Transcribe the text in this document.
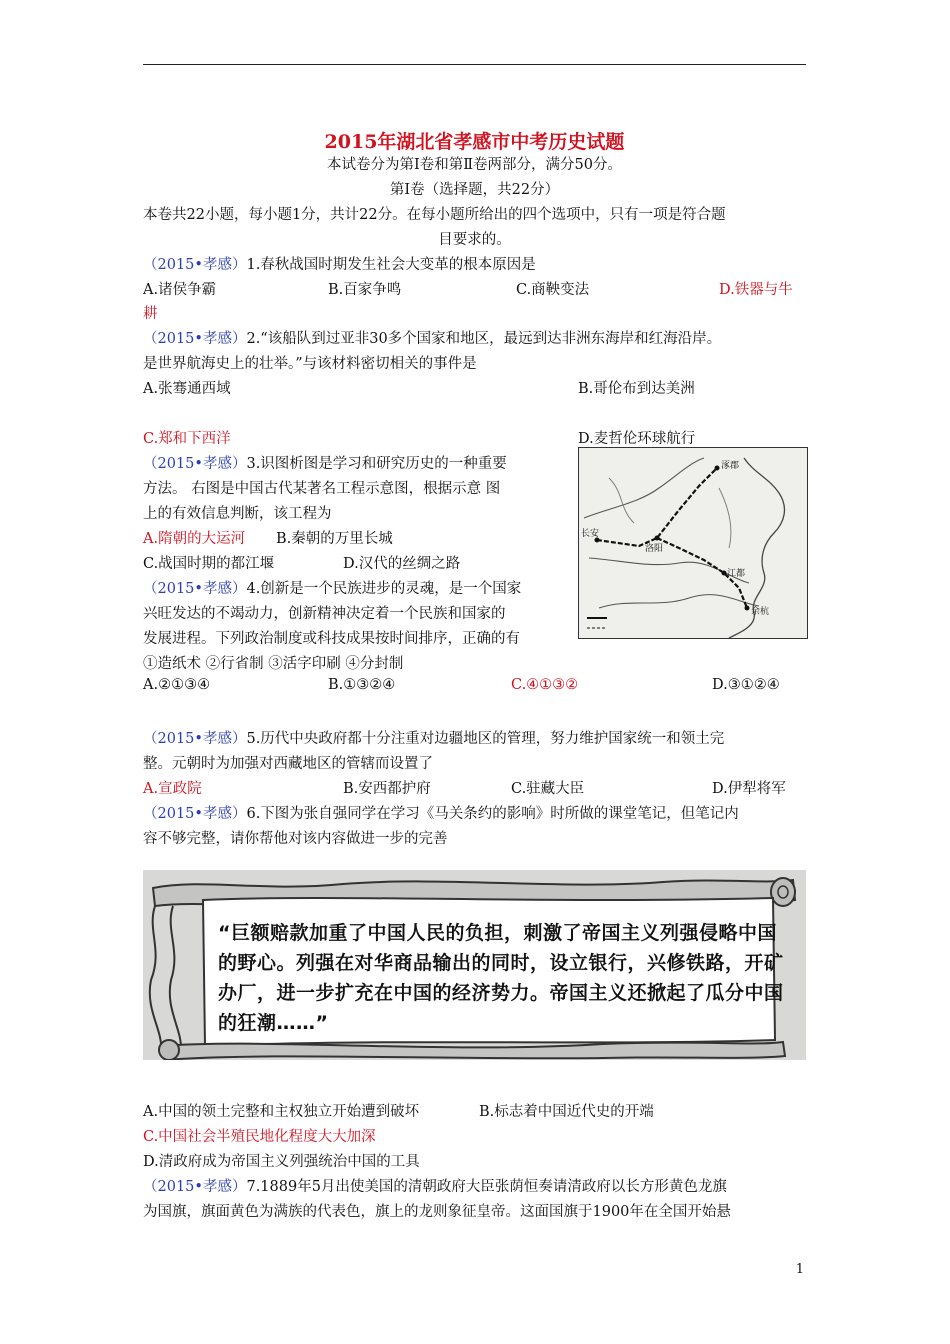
2015年湖北省孝感市中考历史试题
本试卷分为第Ⅰ卷和第Ⅱ卷两部分，满分50分。
第Ⅰ卷（选择题，共22分）
本卷共22小题，每小题1分，共计22分。在每小题所给出的四个选项中，只有一项是符合题
目要求的。
（2015•孝感）1.春秋战国时期发生社会大变革的根本原因是
A.诸侯争霸	B.百家争鸣	C.商鞅变法	D.铁器与牛
耕
（2015•孝感）2.“该船队到过亚非30多个国家和地区，最远到达非洲东海岸和红海沿岸。
是世界航海史上的壮举。”与该材料密切相关的事件是
A.张骞通西域	B.哥伦布到达美洲
C.郑和下西洋	D.麦哲伦环球航行
（2015•孝感）3.识图析图是学习和研究历史的一种重要
方法。 右图是中国古代某著名工程示意图，根据示意 图
上的有效信息判断，该工程为
A.隋朝的大运河 B.秦朝的万里长城
C.战国时期的都江堰	D.汉代的丝绸之路
长安
洛阳
江都
余杭
涿郡
（2015•孝感）4.创新是一个民族进步的灵魂，是一个国家
兴旺发达的不竭动力，创新精神决定着一个民族和国家的
发展进程。下列政治制度或科技成果按时间排序，正确的有
①造纸术 ②行省制 ③活字印刷 ④分封制
A.②①③④	B.①③②④	C.④①③②	D.③①②④
（2015•孝感）5.历代中央政府都十分注重对边疆地区的管理，努力维护国家统一和领土完
整。元朝时为加强对西藏地区的管辖而设置了
A.宣政院	B.安西都护府	C.驻藏大臣	D.伊犁将军
（2015•孝感）6.下图为张自强同学在学习《马关条约的影响》时所做的课堂笔记，但笔记内
容不够完整，请你帮他对该内容做进一步的完善
“巨额赔款加重了中国人民的负担，刺激了帝国主义列强侵略中国的野心。列强在对华商品输出的同时，设立银行，兴修铁路，开矿办厂，进一步扩充在中国的经济势力。帝国主义还掀起了瓜分中国的狂潮……”
A.中国的领土完整和主权独立开始遭到破坏	B.标志着中国近代史的开端
C.中国社会半殖民地化程度大大加深
D.清政府成为帝国主义列强统治中国的工具
（2015•孝感）7.1889年5月出使美国的清朝政府大臣张荫恒奏请清政府以长方形黄色龙旗
为国旗，旗面黄色为满族的代表色，旗上的龙则象征皇帝。这面国旗于1900年在全国开始悬
1
